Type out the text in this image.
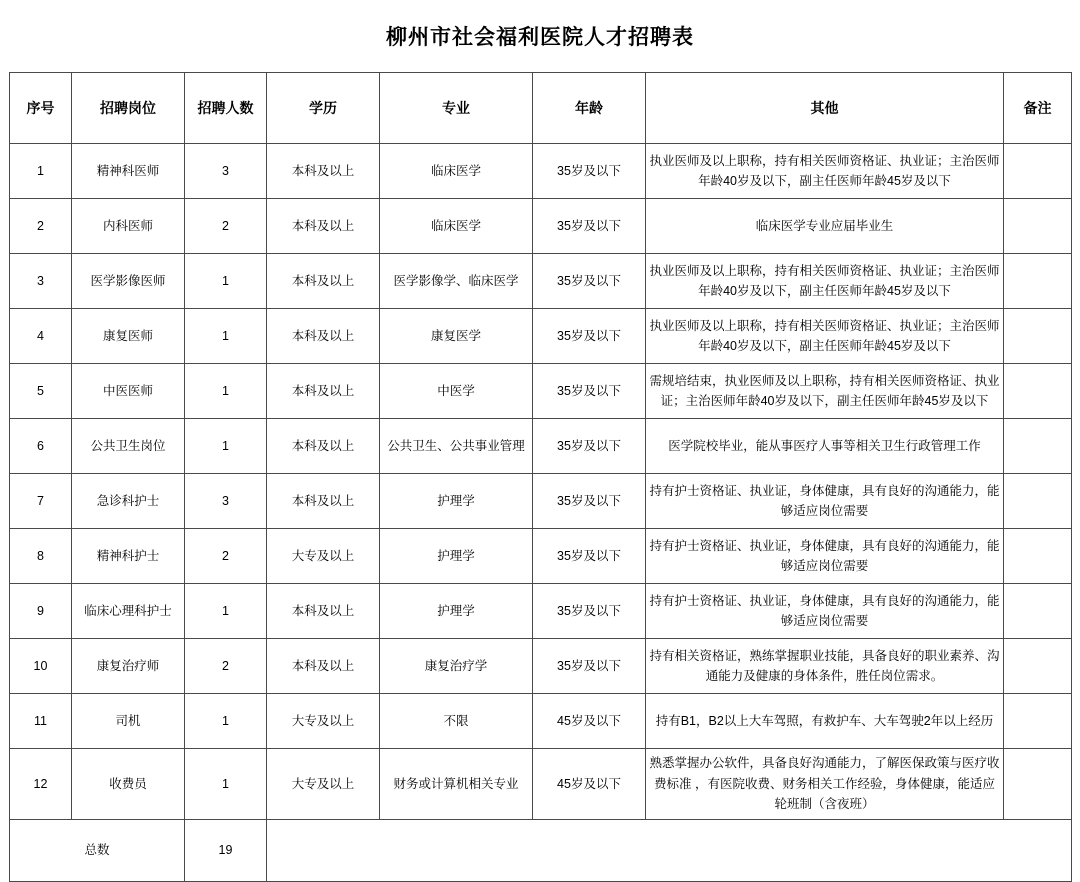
柳州市社会福利医院人才招聘表
序号	招聘岗位	招聘人数	学历	专业	年龄	其他	备注
1	精神科医师	3	本科及以上	临床医学	35岁及以下	执业医师及以上职称，持有相关医师资格证、执业证；主治医师年龄40岁及以下，副主任医师年龄45岁及以下	
2	内科医师	2	本科及以上	临床医学	35岁及以下	临床医学专业应届毕业生	
3	医学影像医师	1	本科及以上	医学影像学、临床医学	35岁及以下	执业医师及以上职称，持有相关医师资格证、执业证；主治医师年龄40岁及以下，副主任医师年龄45岁及以下	
4	康复医师	1	本科及以上	康复医学	35岁及以下	执业医师及以上职称，持有相关医师资格证、执业证；主治医师年龄40岁及以下，副主任医师年龄45岁及以下	
5	中医医师	1	本科及以上	中医学	35岁及以下	需规培结束，执业医师及以上职称，持有相关医师资格证、执业证；主治医师年龄40岁及以下，副主任医师年龄45岁及以下	
6	公共卫生岗位	1	本科及以上	公共卫生、公共事业管理	35岁及以下	医学院校毕业，能从事医疗人事等相关卫生行政管理工作	
7	急诊科护士	3	本科及以上	护理学	35岁及以下	持有护士资格证、执业证，身体健康，具有良好的沟通能力，能够适应岗位需要	
8	精神科护士	2	大专及以上	护理学	35岁及以下	持有护士资格证、执业证，身体健康，具有良好的沟通能力，能够适应岗位需要	
9	临床心理科护士	1	本科及以上	护理学	35岁及以下	持有护士资格证、执业证，身体健康，具有良好的沟通能力，能够适应岗位需要	
10	康复治疗师	2	本科及以上	康复治疗学	35岁及以下	持有相关资格证，熟练掌握职业技能，具备良好的职业素养、沟通能力及健康的身体条件，胜任岗位需求。	
11	司机	1	大专及以上	不限	45岁及以下	持有B1，B2以上大车驾照，有救护车、大车驾驶2年以上经历	
12	收费员	1	大专及以上	财务或计算机相关专业	45岁及以下	熟悉掌握办公软件，具备良好沟通能力，了解医保政策与医疗收费标准 ，有医院收费、财务相关工作经验，身体健康，能适应轮班制（含夜班）	
总数		19					
